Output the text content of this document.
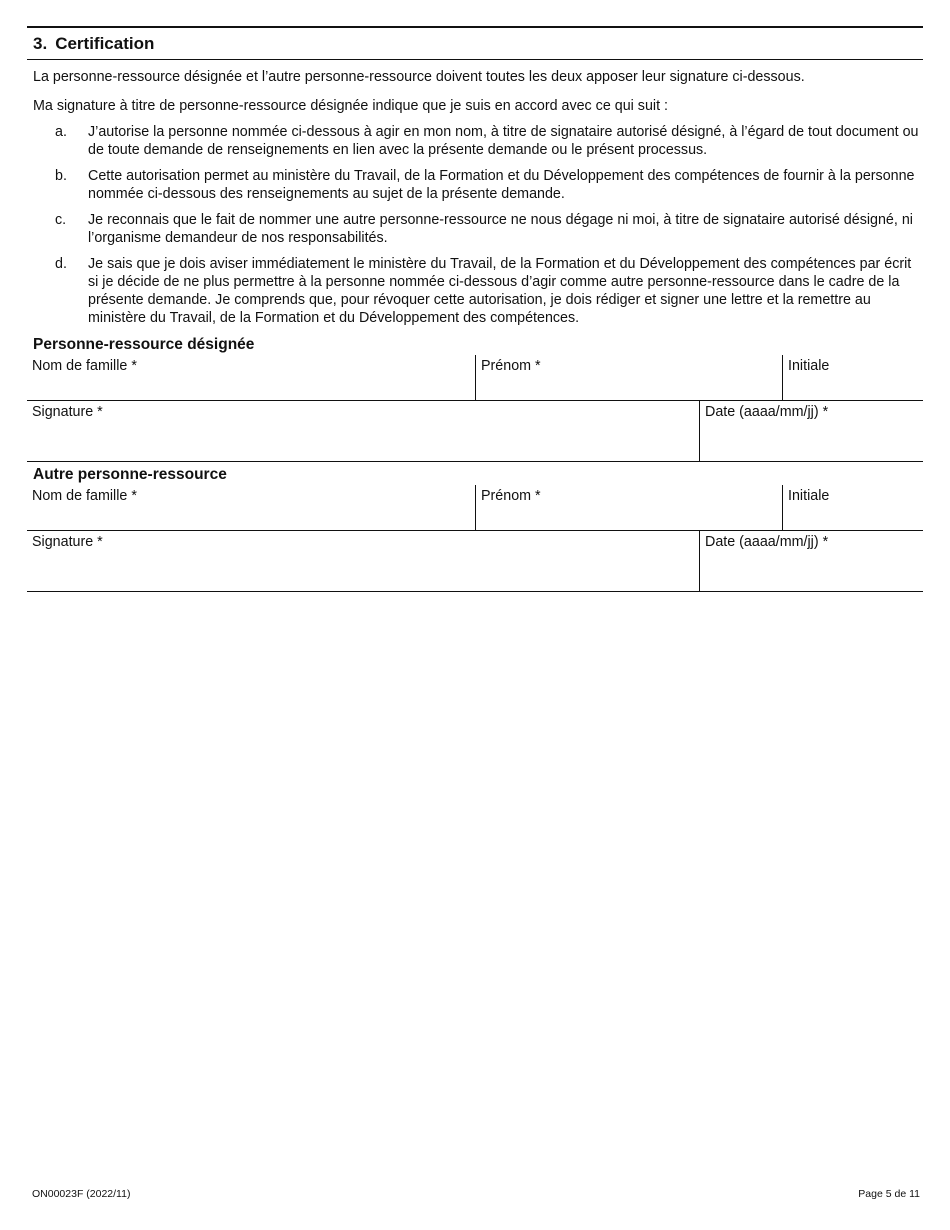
3. Certification
La personne-ressource désignée et l’autre personne-ressource doivent toutes les deux apposer leur signature ci-dessous.
Ma signature à titre de personne-ressource désignée indique que je suis en accord avec ce qui suit :
a.	J’autorise la personne nommée ci-dessous à agir en mon nom, à titre de signataire autorisé désigné, à l’égard de tout document ou de toute demande de renseignements en lien avec la présente demande ou le présent processus.
b.	Cette autorisation permet au ministère du Travail, de la Formation et du Développement des compétences de fournir à la personne nommée ci-dessous des renseignements au sujet de la présente demande.
c.	Je reconnais que le fait de nommer une autre personne-ressource ne nous dégage ni moi, à titre de signataire autorisé désigné, ni l’organisme demandeur de nos responsabilités.
d.	Je sais que je dois aviser immédiatement le ministère du Travail, de la Formation et du Développement des compétences par écrit si je décide de ne plus permettre à la personne nommée ci-dessous d’agir comme autre personne-ressource dans le cadre de la présente demande. Je comprends que, pour révoquer cette autorisation, je dois rédiger et signer une lettre et la remettre au ministère du Travail, de la Formation et du Développement des compétences.
Personne-ressource désignée
Nom de famille *	Prénom *	Initiale
Signature *	Date (aaaa/mm/jj) *
Autre personne-ressource
Nom de famille *	Prénom *	Initiale
Signature *	Date (aaaa/mm/jj) *
ON00023F (2022/11)	Page 5 de 11
